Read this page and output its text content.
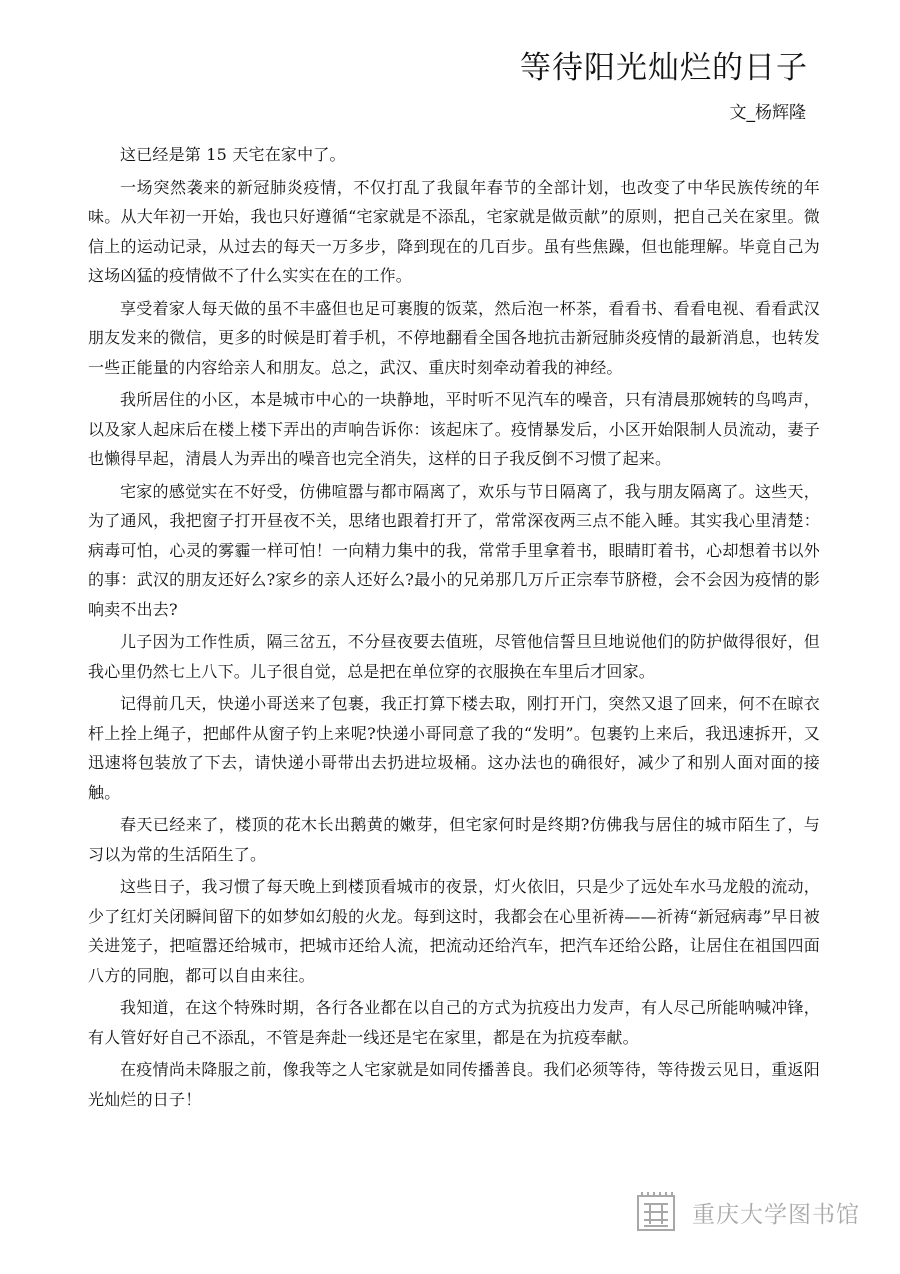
等待阳光灿烂的日子
文_杨辉隆

这已经是第 15 天宅在家中了。

一场突然袭来的新冠肺炎疫情，不仅打乱了我鼠年春节的全部计划，也改变了中华民族传统的年味。从大年初一开始，我也只好遵循“宅家就是不添乱，宅家就是做贡献”的原则，把自己关在家里。微信上的运动记录，从过去的每天一万多步，降到现在的几百步。虽有些焦躁，但也能理解。毕竟自己为这场凶猛的疫情做不了什么实实在在的工作。

享受着家人每天做的虽不丰盛但也足可裹腹的饭菜，然后泡一杯茶，看看书、看看电视、看看武汉朋友发来的微信，更多的时候是盯着手机，不停地翻看全国各地抗击新冠肺炎疫情的最新消息，也转发一些正能量的内容给亲人和朋友。总之，武汉、重庆时刻牵动着我的神经。

我所居住的小区，本是城市中心的一块静地，平时听不见汽车的噪音，只有清晨那婉转的鸟鸣声，以及家人起床后在楼上楼下弄出的声响告诉你：该起床了。疫情暴发后，小区开始限制人员流动，妻子也懒得早起，清晨人为弄出的噪音也完全消失，这样的日子我反倒不习惯了起来。

宅家的感觉实在不好受，仿佛喧嚣与都市隔离了，欢乐与节日隔离了，我与朋友隔离了。这些天，为了通风，我把窗子打开昼夜不关，思绪也跟着打开了，常常深夜两三点不能入睡。其实我心里清楚：病毒可怕，心灵的雾霾一样可怕！一向精力集中的我，常常手里拿着书，眼睛盯着书，心却想着书以外的事：武汉的朋友还好么?家乡的亲人还好么?最小的兄弟那几万斤正宗奉节脐橙，会不会因为疫情的影响卖不出去?

儿子因为工作性质，隔三岔五，不分昼夜要去值班，尽管他信誓旦旦地说他们的防护做得很好，但我心里仍然七上八下。儿子很自觉，总是把在单位穿的衣服换在车里后才回家。

记得前几天，快递小哥送来了包裹，我正打算下楼去取，刚打开门，突然又退了回来，何不在晾衣杆上拴上绳子，把邮件从窗子钓上来呢?快递小哥同意了我的“发明”。包裹钓上来后，我迅速拆开，又迅速将包装放了下去，请快递小哥带出去扔进垃圾桶。这办法也的确很好，减少了和别人面对面的接触。

春天已经来了，楼顶的花木长出鹅黄的嫩芽，但宅家何时是终期?仿佛我与居住的城市陌生了，与习以为常的生活陌生了。

这些日子，我习惯了每天晚上到楼顶看城市的夜景，灯火依旧，只是少了远处车水马龙般的流动，少了红灯关闭瞬间留下的如梦如幻般的火龙。每到这时，我都会在心里祈祷——祈祷“新冠病毒”早日被关进笼子，把喧嚣还给城市，把城市还给人流，把流动还给汽车，把汽车还给公路，让居住在祖国四面八方的同胞，都可以自由来往。

我知道，在这个特殊时期，各行各业都在以自己的方式为抗疫出力发声，有人尽己所能呐喊冲锋，有人管好好自己不添乱，不管是奔赴一线还是宅在家里，都是在为抗疫奉献。

在疫情尚未降服之前，像我等之人宅家就是如同传播善良。我们必须等待，等待拨云见日，重返阳光灿烂的日子！

重庆大学图书馆
